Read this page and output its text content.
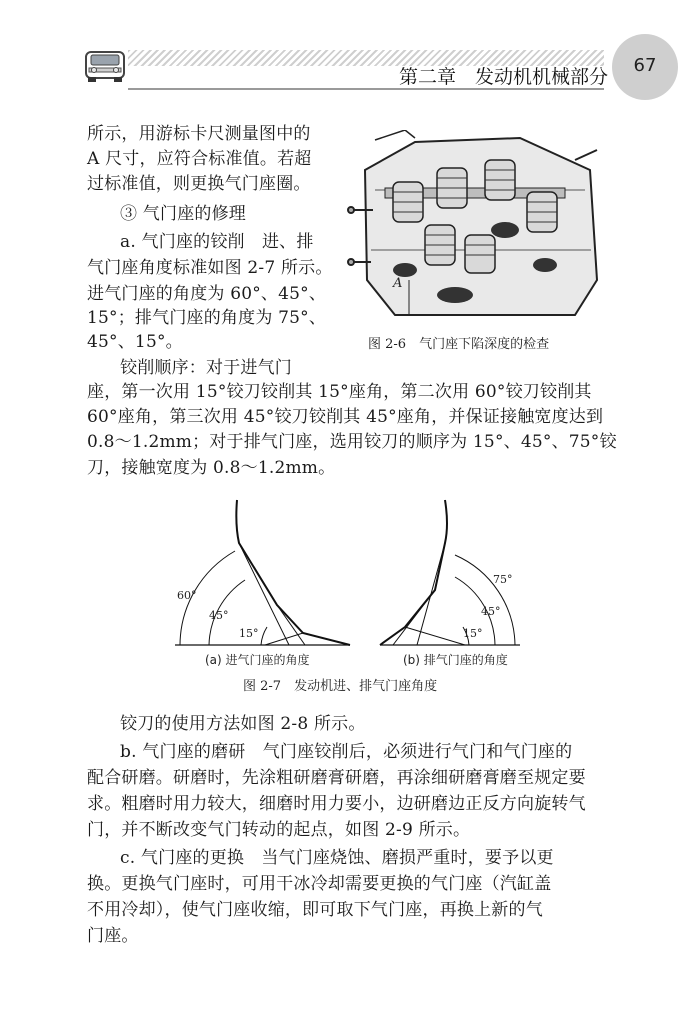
第二章　发动机机械部分
67
所示，用游标卡尺测量图中的
A 尺寸，应符合标准值。若超
过标准值，则更换气门座圈。
③ 气门座的修理
a. 气门座的铰削　进、排
气门座角度标准如图 2-7 所示。
进气门座的角度为 60°、45°、
15°；排气门座的角度为 75°、
45°、15°。
铰削顺序：对于进气门
A
图 2-6　气门座下陷深度的检查
座，第一次用 15°铰刀铰削其 15°座角，第二次用 60°铰刀铰削其
60°座角，第三次用 45°铰刀铰削其 45°座角，并保证接触宽度达到
0.8～1.2mm；对于排气门座，选用铰刀的顺序为 15°、45°、75°铰
刀，接触宽度为 0.8～1.2mm。
60°
45°
15°
75°
45°
15°
(a) 进气门座的角度	(b) 排气门座的角度
图 2-7　发动机进、排气门座角度
铰刀的使用方法如图 2-8 所示。
b. 气门座的磨研　气门座铰削后，必须进行气门和气门座的
配合研磨。研磨时，先涂粗研磨膏研磨，再涂细研磨膏磨至规定要
求。粗磨时用力较大，细磨时用力要小，边研磨边正反方向旋转气
门，并不断改变气门转动的起点，如图 2-9 所示。
c. 气门座的更换　当气门座烧蚀、磨损严重时，要予以更
换。更换气门座时，可用干冰冷却需要更换的气门座（汽缸盖
不用冷却），使气门座收缩，即可取下气门座，再换上新的气
门座。
